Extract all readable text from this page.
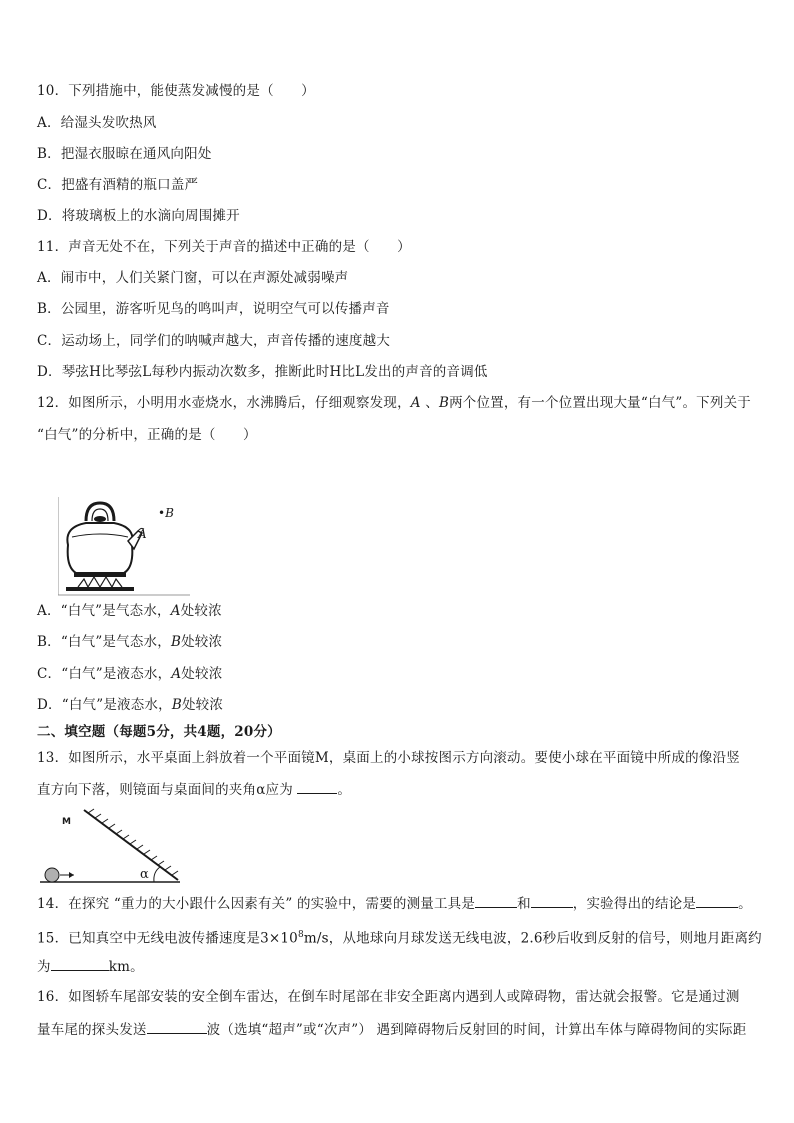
10．下列措施中，能使蒸发减慢的是（　　）
A．给湿头发吹热风
B．把湿衣服晾在通风向阳处
C．把盛有酒精的瓶口盖严
D．将玻璃板上的水滴向周围摊开
11．声音无处不在，下列关于声音的描述中正确的是（　　）
A．闹市中，人们关紧门窗，可以在声源处减弱噪声
B．公园里，游客听见鸟的鸣叫声，说明空气可以传播声音
C．运动场上，同学们的呐喊声越大，声音传播的速度越大
D．琴弦H比琴弦L每秒内振动次数多，推断此时H比L发出的声音的音调低
12．如图所示，小明用水壶烧水，水沸腾后，仔细观察发现，A 、B两个位置，有一个位置出现大量“白气”。下列关于
“白气”的分析中，正确的是（　　）
A
•B
A．“白气”是气态水，A处较浓
B．“白气”是气态水，B处较浓
C．“白气”是液态水，A处较浓
D．“白气”是液态水，B处较浓
二、填空题（每题5分，共4题，20分）
13．如图所示，水平桌面上斜放着一个平面镜M，桌面上的小球按图示方向滚动。要使小球在平面镜中所成的像沿竖
直方向下落，则镜面与桌面间的夹角α应为	。
M
α
14．在探究 “重力的大小跟什么因素有关” 的实验中，需要的测量工具是	和	，实验得出的结论是	。
15．已知真空中无线电波传播速度是$3\times 10^8m/s$，从地球向月球发送无线电波，2.6秒后收到反射的信号，则地月距离约
为	km。
16．如图轿车尾部安装的安全倒车雷达，在倒车时尾部在非安全距离内遇到人或障碍物，雷达就会报警。它是通过测
量车尾的探头发送	波（选填“超声”或“次声”） 遇到障碍物后反射回的时间，计算出车体与障碍物间的实际距
